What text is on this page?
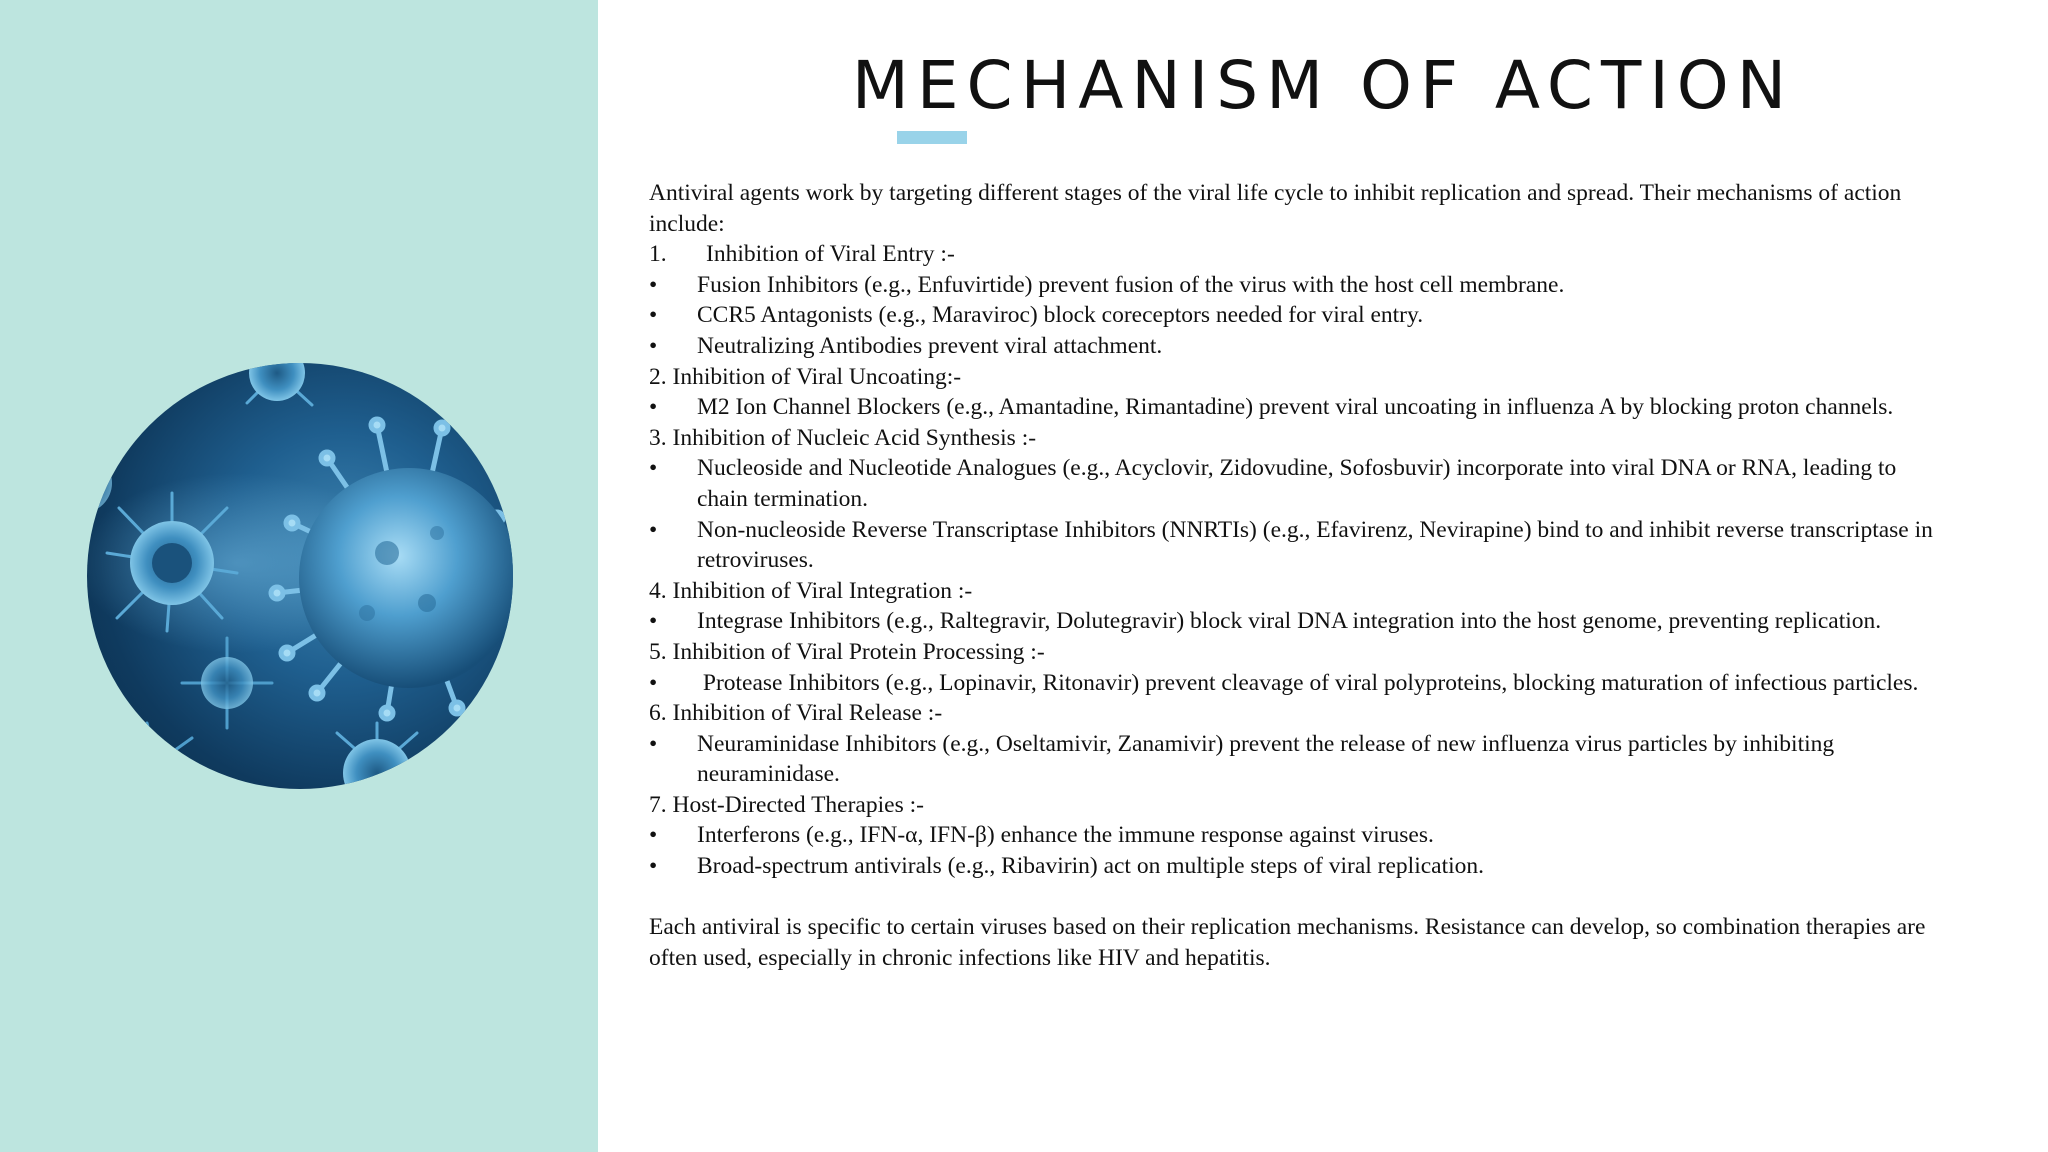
MECHANISM OF ACTION

Antiviral agents work by targeting different stages of the viral life cycle to inhibit replication and spread. Their mechanisms of action include:

1. Inhibition of Viral Entry :-

• Fusion Inhibitors (e.g., Enfuvirtide) prevent fusion of the virus with the host cell membrane.

• CCR5 Antagonists (e.g., Maraviroc) block coreceptors needed for viral entry.

• Neutralizing Antibodies prevent viral attachment.

2. Inhibition of Viral Uncoating:-

• M2 Ion Channel Blockers (e.g., Amantadine, Rimantadine) prevent viral uncoating in influenza A by blocking proton channels.

3. Inhibition of Nucleic Acid Synthesis :-

• Nucleoside and Nucleotide Analogues (e.g., Acyclovir, Zidovudine, Sofosbuvir) incorporate into viral DNA or RNA, leading to chain termination.

• Non-nucleoside Reverse Transcriptase Inhibitors (NNRTIs) (e.g., Efavirenz, Nevirapine) bind to and inhibit reverse transcriptase in retroviruses.

4. Inhibition of Viral Integration :-

• Integrase Inhibitors (e.g., Raltegravir, Dolutegravir) block viral DNA integration into the host genome, preventing replication.

5. Inhibition of Viral Protein Processing :-

• Protease Inhibitors (e.g., Lopinavir, Ritonavir) prevent cleavage of viral polyproteins, blocking maturation of infectious particles.

6. Inhibition of Viral Release :-

• Neuraminidase Inhibitors (e.g., Oseltamivir, Zanamivir) prevent the release of new influenza virus particles by inhibiting neuraminidase.

7. Host-Directed Therapies :-

• Interferons (e.g., IFN-α, IFN-β) enhance the immune response against viruses.

• Broad-spectrum antivirals (e.g., Ribavirin) act on multiple steps of viral replication.

Each antiviral is specific to certain viruses based on their replication mechanisms. Resistance can develop, so combination therapies are often used, especially in chronic infections like HIV and hepatitis.
